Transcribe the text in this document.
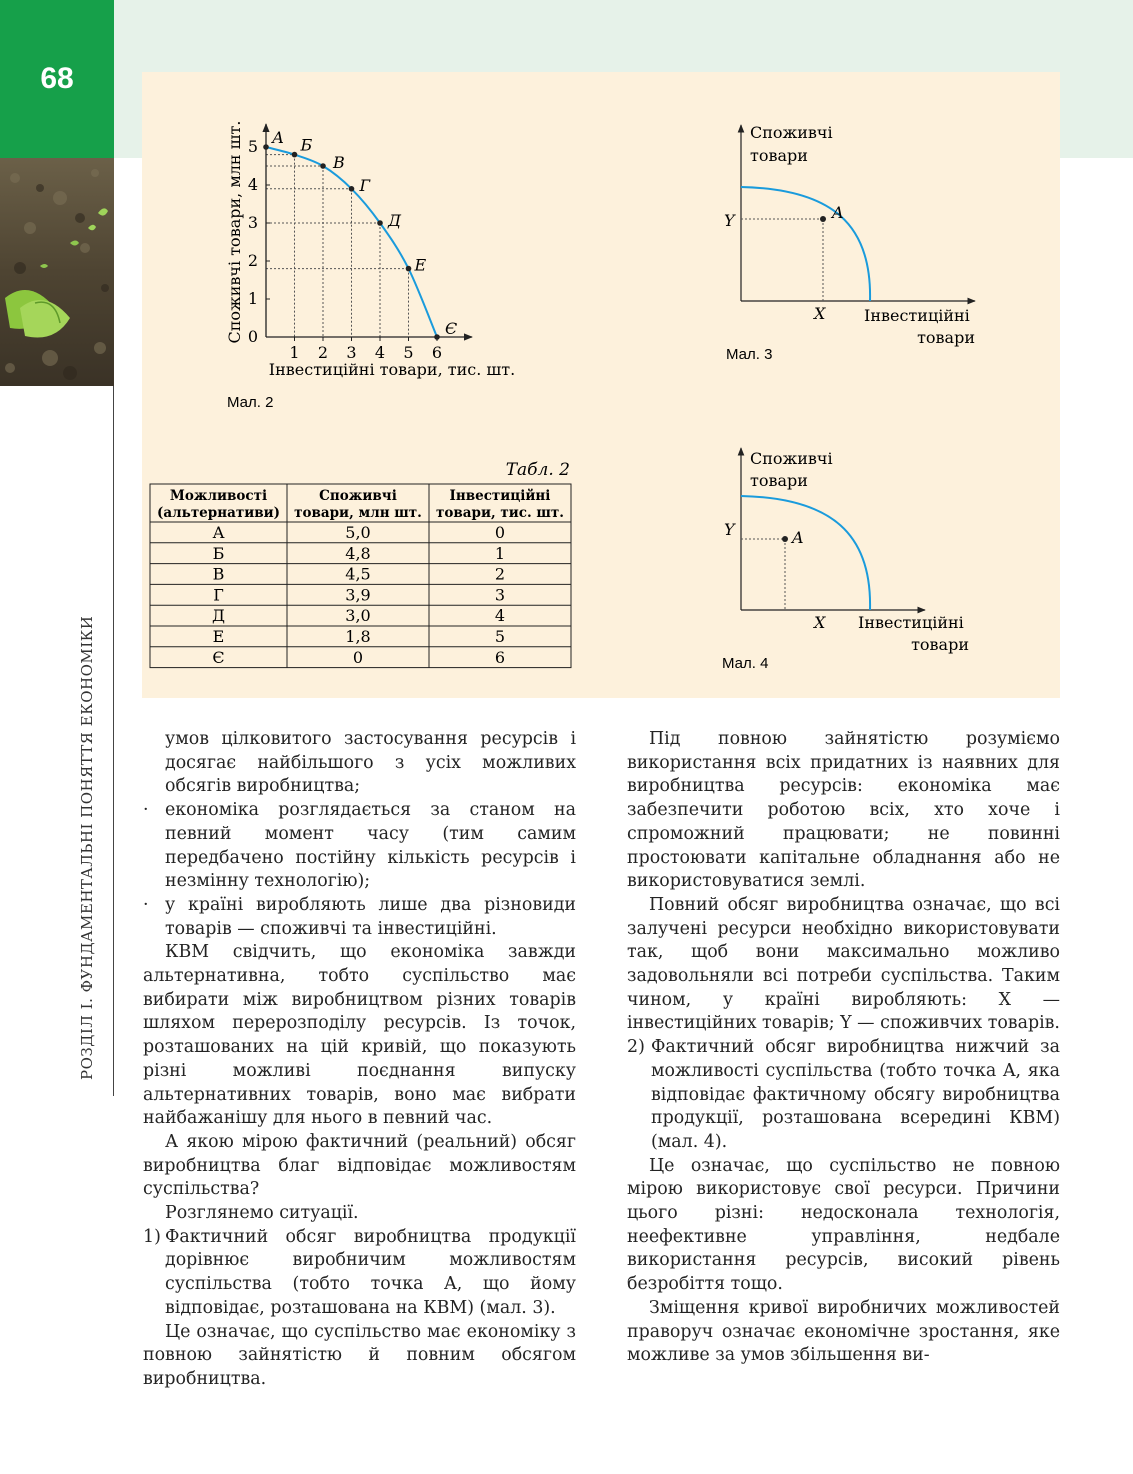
68
РОЗДІЛ І. ФУНДАМЕНТАЛЬНІ ПОНЯТТЯ ЕКОНОМІКИ
1 2 3 4 5 6
0
1
2
3
4
5 А Б
В
Г
Д
Е
Є
Споживчі товари, млн шт.
Інвестиційні товари, тис. шт.
Мал. 2
A
Споживчі
товари
Y
X Інвестиційні
товари
Мал. 3
A
Споживчі
товари
Y
X Інвестиційні
товари
Мал. 4
Табл. 2
Можливості
(альтернативи)
Споживчі
товари, млн шт.
Інвестиційні
товари, тис. шт.
А	5,0	0
Б	4,8	1
В	4,5	2
Г	3,9	3
Д	3,0	4
Е	1,8	5
Є	0	6

умов цілковитого застосування ресурсів і досягає найбільшого з усіх можливих обсягів виробництва;

· економіка розглядається за станом на певний момент часу (тим самим передбачено постійну кількість ресурсів і незмінну технологію);

· у країні виробляють лише два різновиди товарів — споживчі та інвестиційні.

КВМ свідчить, що економіка завжди альтернативна, тобто суспільство має вибирати між виробництвом різних товарів шляхом перерозподілу ресурсів. Із точок, розташованих на цій кривій, що показують різні можливі поєднання випуску альтернативних товарів, воно має вибрати найбажанішу для нього в певний час.

А якою мірою фактичний (реальний) обсяг виробництва благ відповідає можливостям суспільства?

Розглянемо ситуації.

1) Фактичний обсяг виробництва продукції дорівнює виробничим можливостям суспільства (тобто точка A, що йому відповідає, розташована на КВМ) (мал. 3).

Це означає, що суспільство має економіку з повною зайнятістю й повним обсягом виробництва.

Під повною зайнятістю розуміємо використання всіх придатних із наявних для виробництва ресурсів: економіка має забезпечити роботою всіх, хто хоче і спроможний працювати; не повинні простоювати капітальне обладнання або не використовуватися землі.

Повний обсяг виробництва означає, що всі залучені ресурси необхідно використовувати так, щоб вони максимально можливо задовольняли всі потреби суспільства. Таким чином, у країні виробляють: X — інвестиційних товарів; Y — споживчих товарів.

2) Фактичний обсяг виробництва нижчий за можливості суспільства (тобто точка A, яка відповідає фактичному обсягу виробництва продукції, розташована всередині КВМ) (мал. 4).

Це означає, що суспільство не повною мірою використовує свої ресурси. Причини цього різні: недосконала технологія, неефективне управління, недбале використання ресурсів, високий рівень безробіття тощо.

Зміщення кривої виробничих можливостей праворуч означає економічне зростання, яке можливе за умов збільшення ви-
